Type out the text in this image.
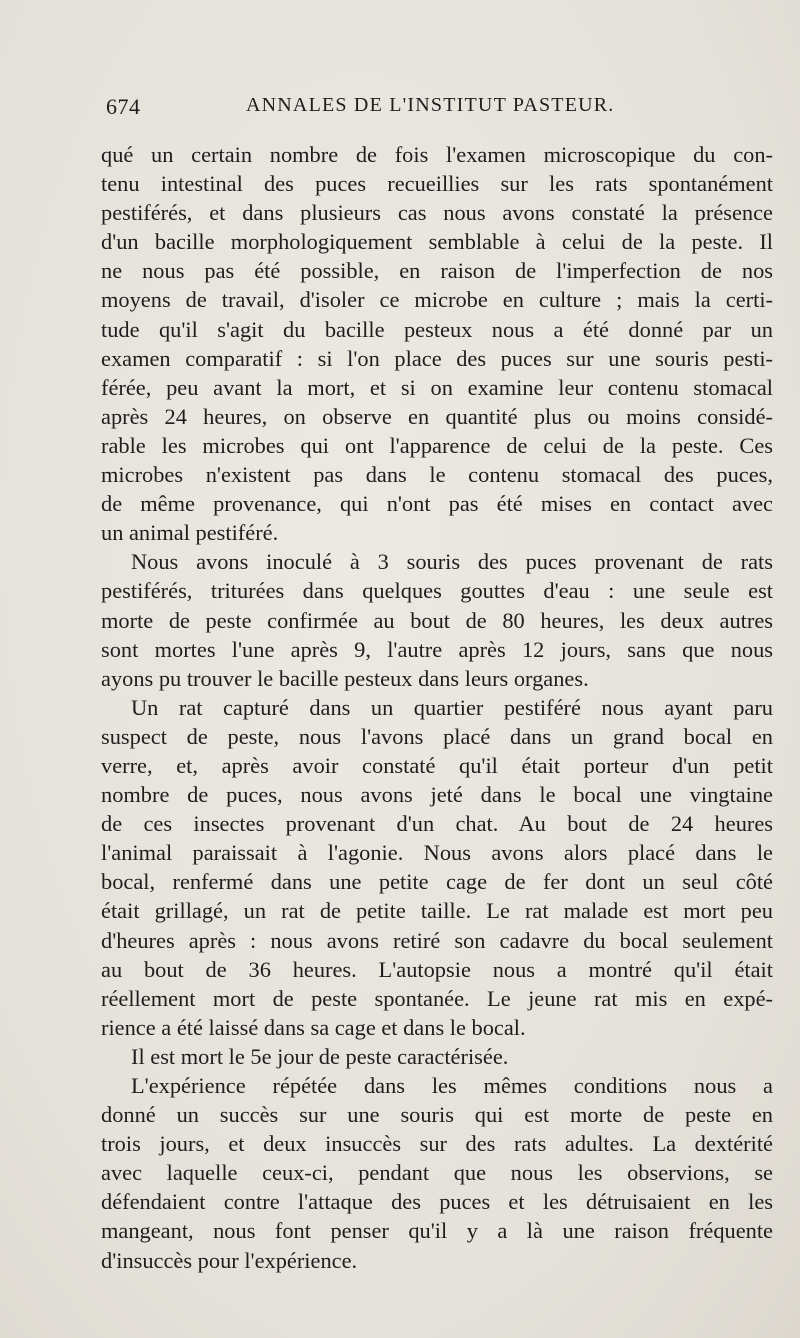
674	ANNALES DE L'INSTITUT PASTEUR.
qué un certain nombre de fois l'examen microscopique du con-
tenu intestinal des puces recueillies sur les rats spontanément
pestiférés, et dans plusieurs cas nous avons constaté la présence
d'un bacille morphologiquement semblable à celui de la peste. Il
ne nous pas été possible, en raison de l'imperfection de nos
moyens de travail, d'isoler ce microbe en culture ; mais la certi-
tude qu'il s'agit du bacille pesteux nous a été donné par un
examen comparatif : si l'on place des puces sur une souris pesti-
férée, peu avant la mort, et si on examine leur contenu stomacal
après 24 heures, on observe en quantité plus ou moins considé-
rable les microbes qui ont l'apparence de celui de la peste. Ces
microbes n'existent pas dans le contenu stomacal des puces,
de même provenance, qui n'ont pas été mises en contact avec
un animal pestiféré.
Nous avons inoculé à 3 souris des puces provenant de rats
pestiférés, triturées dans quelques gouttes d'eau : une seule est
morte de peste confirmée au bout de 80 heures, les deux autres
sont mortes l'une après 9, l'autre après 12 jours, sans que nous
ayons pu trouver le bacille pesteux dans leurs organes.
Un rat capturé dans un quartier pestiféré nous ayant paru
suspect de peste, nous l'avons placé dans un grand bocal en
verre, et, après avoir constaté qu'il était porteur d'un petit
nombre de puces, nous avons jeté dans le bocal une vingtaine
de ces insectes provenant d'un chat. Au bout de 24 heures
l'animal paraissait à l'agonie. Nous avons alors placé dans le
bocal, renfermé dans une petite cage de fer dont un seul côté
était grillagé, un rat de petite taille. Le rat malade est mort peu
d'heures après : nous avons retiré son cadavre du bocal seulement
au bout de 36 heures. L'autopsie nous a montré qu'il était
réellement mort de peste spontanée. Le jeune rat mis en expé-
rience a été laissé dans sa cage et dans le bocal.
Il est mort le 5e jour de peste caractérisée.
L'expérience répétée dans les mêmes conditions nous a
donné un succès sur une souris qui est morte de peste en
trois jours, et deux insuccès sur des rats adultes. La dextérité
avec laquelle ceux-ci, pendant que nous les observions, se
défendaient contre l'attaque des puces et les détruisaient en les
mangeant, nous font penser qu'il y a là une raison fréquente
d'insuccès pour l'expérience.
